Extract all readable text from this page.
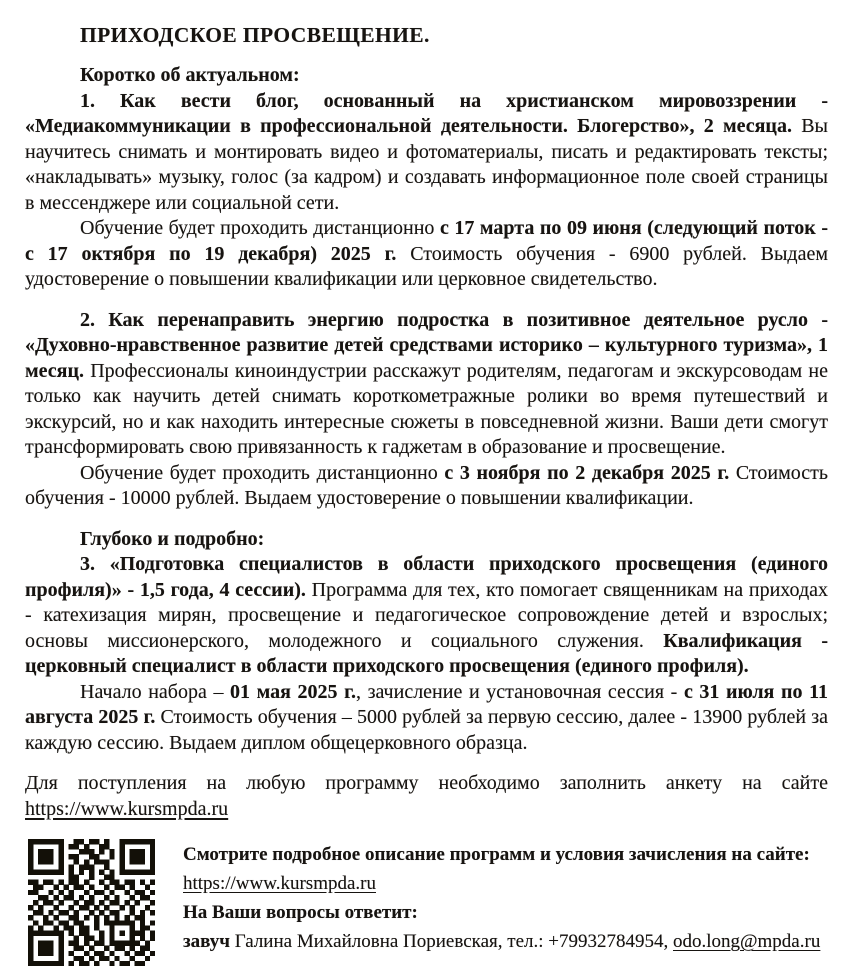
ПРИХОДСКОЕ ПРОСВЕЩЕНИЕ.

Коротко об актуальном:

1. Как вести блог, основанный на христианском мировоззрении - «Медиакоммуникации в профессиональной деятельности. Блогерство», 2 месяца. Вы научитесь снимать и монтировать видео и фотоматериалы, писать и редактировать тексты; «накладывать» музыку, голос (за кадром) и создавать информационное поле своей страницы в мессенджере или социальной сети.

Обучение будет проходить дистанционно с 17 марта по 09 июня (следующий поток - с 17 октября по 19 декабря) 2025 г. Стоимость обучения - 6900 рублей. Выдаем удостоверение о повышении квалификации или церковное свидетельство.

2. Как перенаправить энергию подростка в позитивное деятельное русло - «Духовно-нравственное развитие детей средствами историко – культурного туризма», 1 месяц. Профессионалы киноиндустрии расскажут родителям, педагогам и экскурсоводам не только как научить детей снимать короткометражные ролики во время путешествий и экскурсий, но и как находить интересные сюжеты в повседневной жизни. Ваши дети смогут трансформировать свою привязанность к гаджетам в образование и просвещение.

Обучение будет проходить дистанционно с 3 ноября по 2 декабря 2025 г. Стоимость обучения - 10000 рублей. Выдаем удостоверение о повышении квалификации.

Глубоко и подробно:

3. «Подготовка специалистов в области приходского просвещения (единого профиля)» - 1,5 года, 4 сессии). Программа для тех, кто помогает священникам на приходах - катехизация мирян, просвещение и педагогическое сопровождение детей и взрослых; основы миссионерского, молодежного и социального служения. Квалификация - церковный специалист в области приходского просвещения (единого профиля).

Начало набора – 01 мая 2025 г., зачисление и установочная сессия - с 31 июля по 11 августа 2025 г. Стоимость обучения – 5000 рублей за первую сессию, далее - 13900 рублей за каждую сессию. Выдаем диплом общецерковного образца.

Для поступления на любую программу необходимо заполнить анкету на сайте https://www.kursmpda.ru

Смотрите подробное описание программ и условия зачисления на сайте:

https://www.kursmpda.ru

На Ваши вопросы ответит:

завуч Галина Михайловна Пориевская, тел.: +79932784954, odo.long@mpda.ru
